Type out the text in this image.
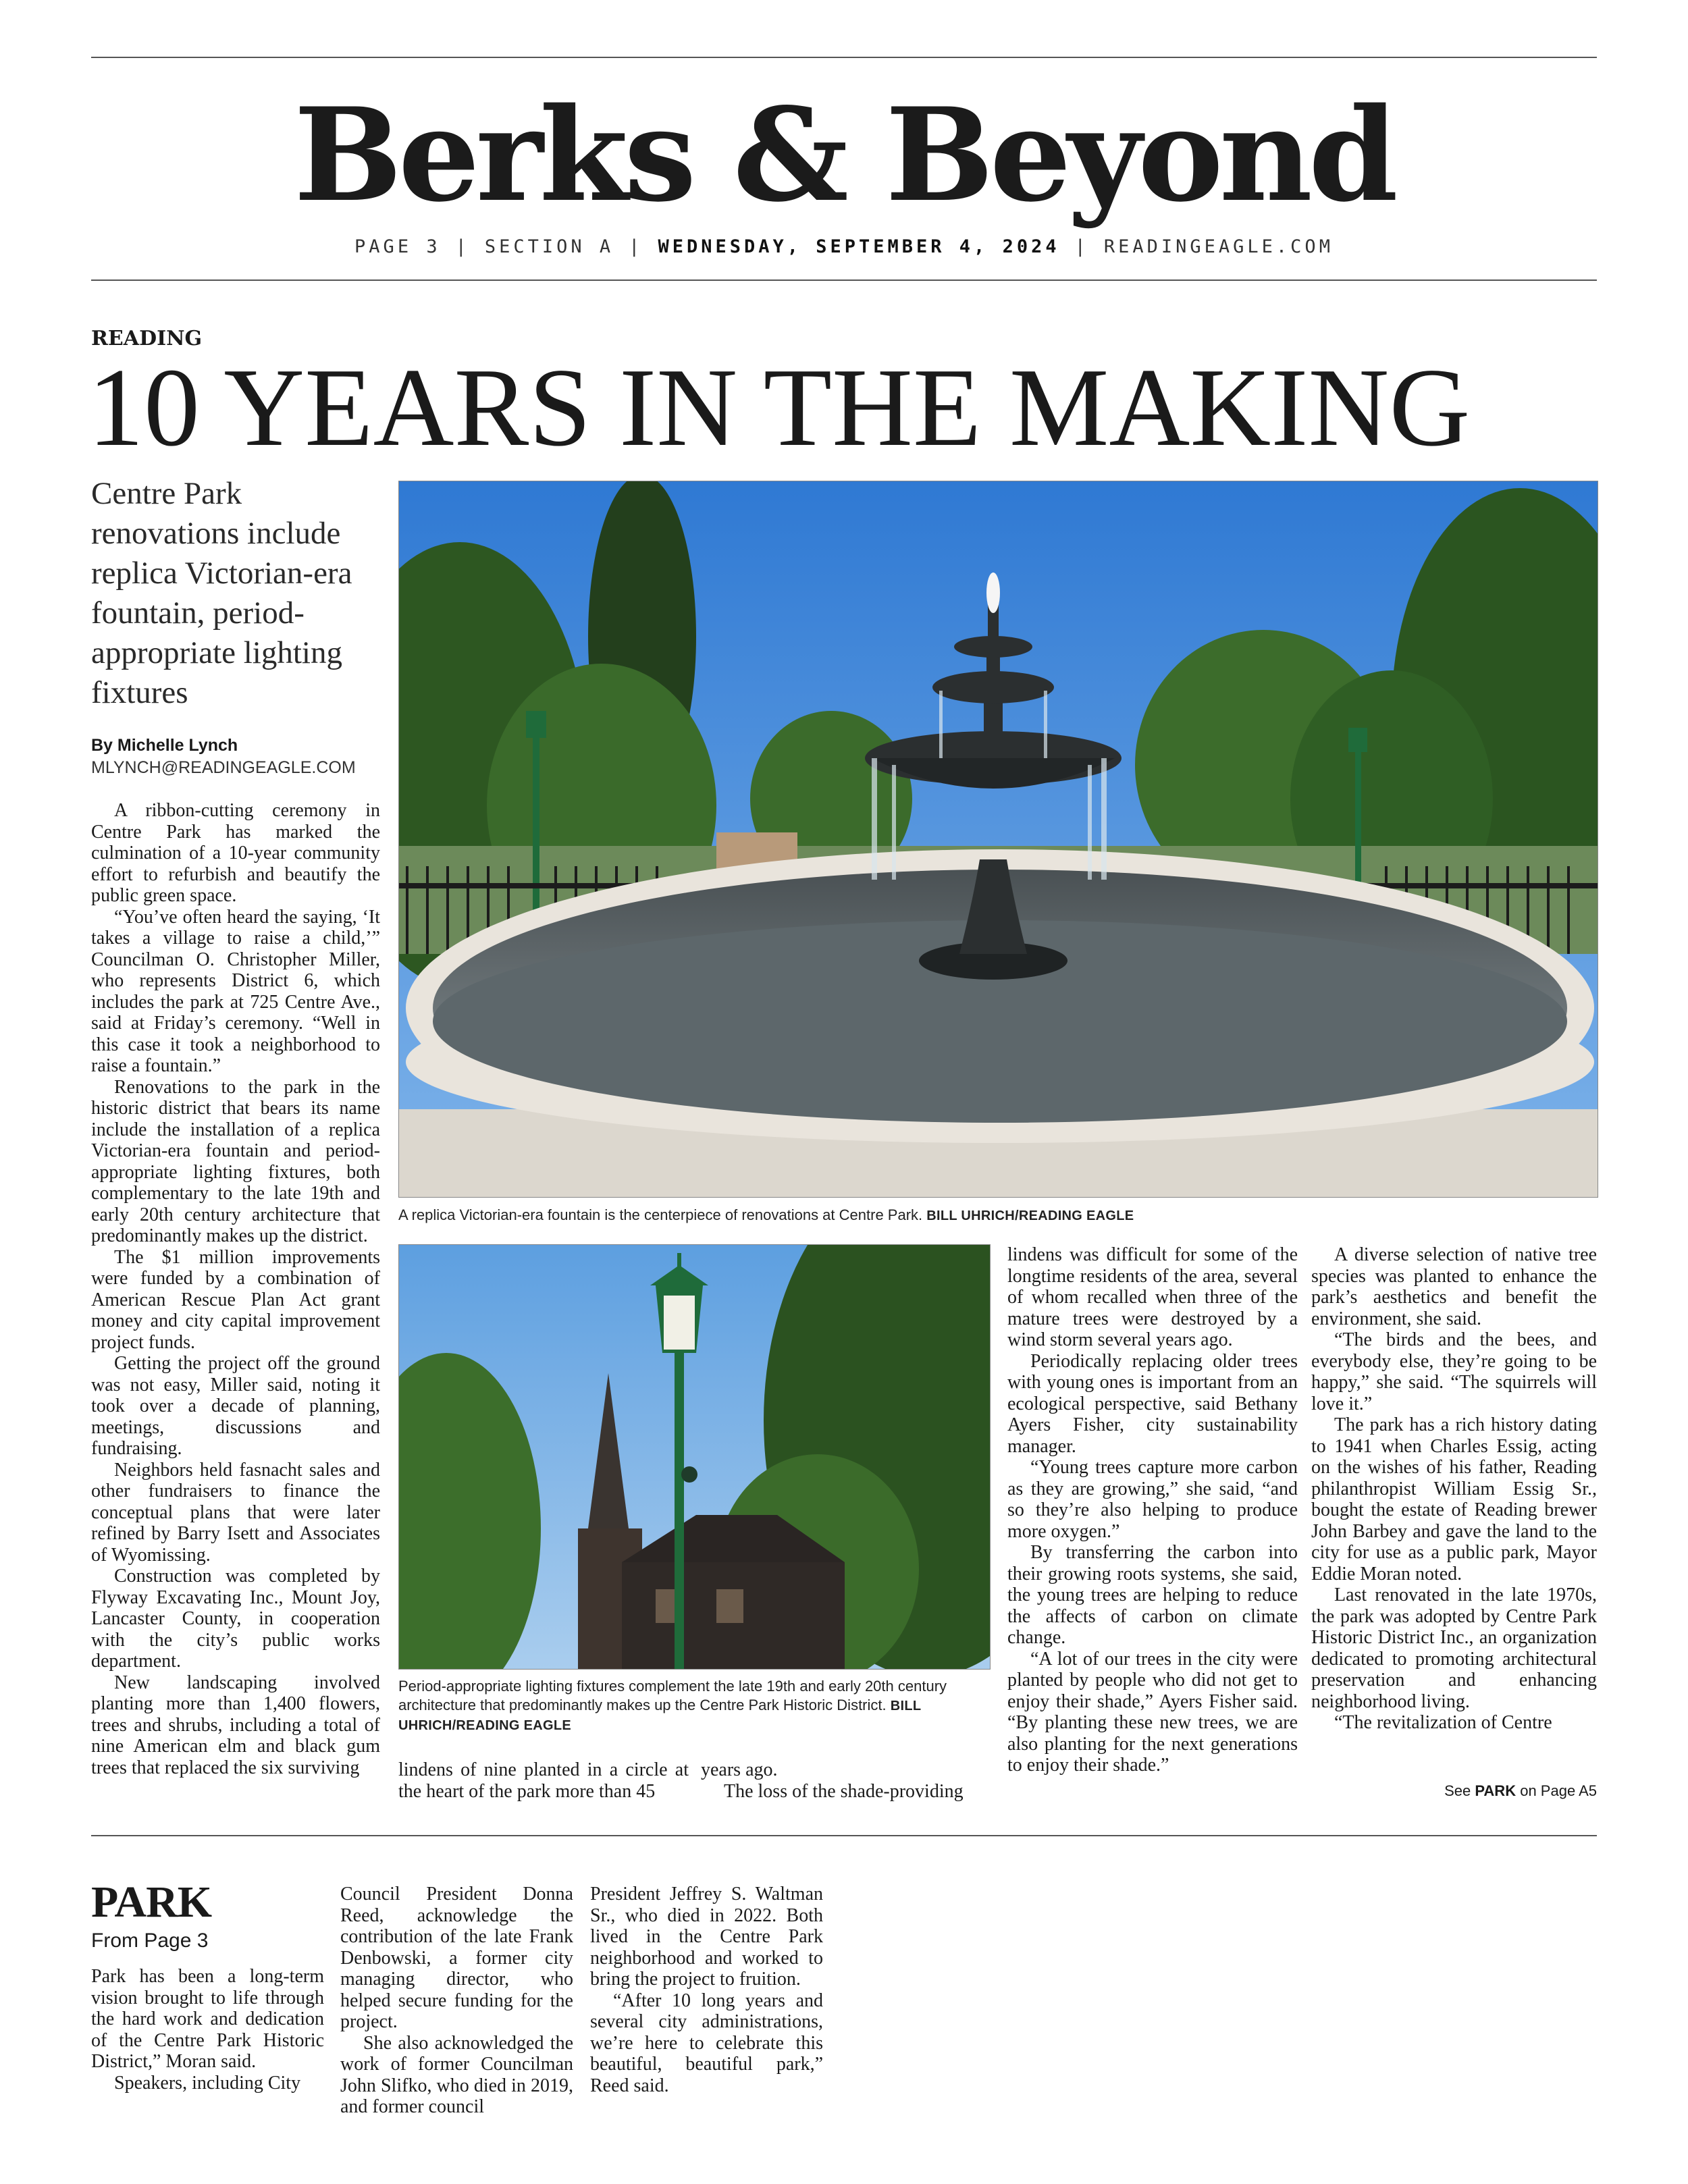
Berks & Beyond
PAGE 3 | SECTION A | WEDNESDAY, SEPTEMBER 4, 2024 | READINGEAGLE.COM
READING
10 YEARS IN THE MAKING
Centre Park renovations include replica Victorian-era fountain, period-appropriate lighting fixtures
By Michelle Lynch
MLYNCH@READINGEAGLE.COM

A ribbon-cutting ceremony in Centre Park has marked the culmination of a 10-year community effort to refurbish and beautify the public green space.

“You’ve often heard the saying, ‘It takes a village to raise a child,’” Councilman O. Christopher Miller, who represents District 6, which includes the park at 725 Centre Ave., said at Friday’s ceremony. “Well in this case it took a neighborhood to raise a fountain.”

Renovations to the park in the historic district that bears its name include the installation of a replica Victorian-era fountain and period-appropriate lighting fixtures, both complementary to the late 19th and early 20th century architecture that predominantly makes up the district.

The $1 million improvements were funded by a combination of American Rescue Plan Act grant money and city capital improvement project funds.

Getting the project off the ground was not easy, Miller said, noting it took over a decade of planning, meetings, discussions and fundraising.

Neighbors held fasnacht sales and other fundraisers to finance the conceptual plans that were later refined by Barry Isett and Associates of Wyomissing.

Construction was completed by Flyway Excavating Inc., Mount Joy, Lancaster County, in cooperation with the city’s public works department.

New landscaping involved planting more than 1,400 flowers, trees and shrubs, including a total of nine American elm and black gum trees that replaced the six surviving

A replica Victorian-era fountain is the centerpiece of renovations at Centre Park. BILL UHRICH/READING EAGLE
Period-appropriate lighting fixtures complement the late 19th and early 20th century architecture that predominantly makes up the Centre Park Historic District. BILL UHRICH/READING EAGLE

lindens of nine planted in a circle at the heart of the park more than 45

years ago.

The loss of the shade-providing

lindens was difficult for some of the longtime residents of the area, several of whom recalled when three of the mature trees were destroyed by a wind storm several years ago.

Periodically replacing older trees with young ones is important from an ecological perspective, said Bethany Ayers Fisher, city sustainability manager.

“Young trees capture more carbon as they are growing,” she said, “and so they’re also helping to produce more oxygen.”

By transferring the carbon into their growing roots systems, she said, the young trees are helping to reduce the affects of carbon on climate change.

“A lot of our trees in the city were planted by people who did not get to enjoy their shade,” Ayers Fisher said. “By planting these new trees, we are also planting for the next generations to enjoy their shade.”

A diverse selection of native tree species was planted to enhance the park’s aesthetics and benefit the environment, she said.

“The birds and the bees, and everybody else, they’re going to be happy,” she said. “The squirrels will love it.”

The park has a rich history dating to 1941 when Charles Essig, acting on the wishes of his father, Reading philanthropist William Essig Sr., bought the estate of Reading brewer John Barbey and gave the land to the city for use as a public park, Mayor Eddie Moran noted.

Last renovated in the late 1970s, the park was adopted by Centre Park Historic District Inc., an organization dedicated to promoting architectural preservation and enhancing neighborhood living.

“The revitalization of Centre

See PARK on Page A5
PARK
From Page 3

Park has been a long-term vision brought to life through the hard work and dedication of the Centre Park Historic District,” Moran said.

Speakers, including City

Council President Donna Reed, acknowledge the contribution of the late Frank Denbowski, a former city managing director, who helped secure funding for the project.

She also acknowledged the work of former Councilman John Slifko, who died in 2019, and former council

President Jeffrey S. Waltman Sr., who died in 2022. Both lived in the Centre Park neighborhood and worked to bring the project to fruition.

“After 10 long years and several city administrations, we’re here to celebrate this beautiful, beautiful park,” Reed said.
